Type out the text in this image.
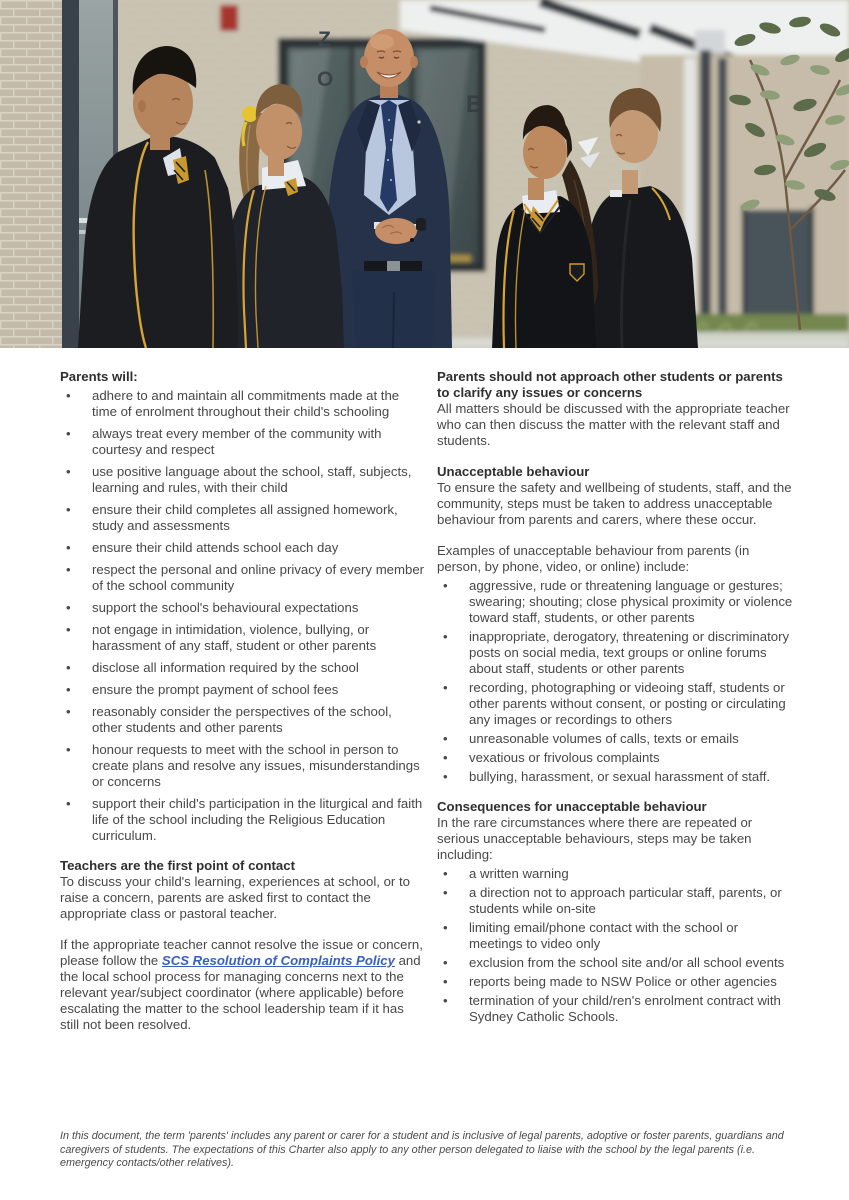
Z
O
B

Parents will:

• adhere to and maintain all commitments made at the time of enrolment throughout their child's schooling
• always treat every member of the community with courtesy and respect
• use positive language about the school, staff, subjects, learning and rules, with their child
• ensure their child completes all assigned homework, study and assessments
• ensure their child attends school each day
• respect the personal and online privacy of every member of the school community
• support the school's behavioural expectations
• not engage in intimidation, violence, bullying, or harassment of any staff, student or other parents
• disclose all information required by the school
• ensure the prompt payment of school fees
• reasonably consider the perspectives of the school, other students and other parents
• honour requests to meet with the school in person to create plans and resolve any issues, misunderstandings or concerns
• support their child's participation in the liturgical and faith life of the school including the Religious Education curriculum.

Teachers are the first point of contact

To discuss your child's learning, experiences at school, or to raise a concern, parents are asked first to contact the appropriate class or pastoral teacher.

If the appropriate teacher cannot resolve the issue or concern, please follow the SCS Resolution of Complaints Policy and the local school process for managing concerns next to the relevant year/subject coordinator (where applicable) before escalating the matter to the school leadership team if it has still not been resolved.

Parents should not approach other students or parents to clarify any issues or concerns

All matters should be discussed with the appropriate teacher who can then discuss the matter with the relevant staff and students.

Unacceptable behaviour

To ensure the safety and wellbeing of students, staff, and the community, steps must be taken to address unacceptable behaviour from parents and carers, where these occur.

Examples of unacceptable behaviour from parents (in person, by phone, video, or online) include:

• aggressive, rude or threatening language or gestures; swearing; shouting; close physical proximity or violence toward staff, students, or other parents
• inappropriate, derogatory, threatening or discriminatory posts on social media, text groups or online forums about staff, students or other parents
• recording, photographing or videoing staff, students or other parents without consent, or posting or circulating any images or recordings to others
• unreasonable volumes of calls, texts or emails
• vexatious or frivolous complaints
• bullying, harassment, or sexual harassment of staff.

Consequences for unacceptable behaviour

In the rare circumstances where there are repeated or serious unacceptable behaviours, steps may be taken including:

• a written warning
• a direction not to approach particular staff, parents, or students while on-site
• limiting email/phone contact with the school or meetings to video only
• exclusion from the school site and/or all school events
• reports being made to NSW Police or other agencies
• termination of your child/ren's enrolment contract with Sydney Catholic Schools.

In this document, the term 'parents' includes any parent or carer for a student and is inclusive of legal parents, adoptive or foster parents, guardians and caregivers of students. The expectations of this Charter also apply to any other person delegated to liaise with the school by the legal parents (i.e. emergency contacts/other relatives).
